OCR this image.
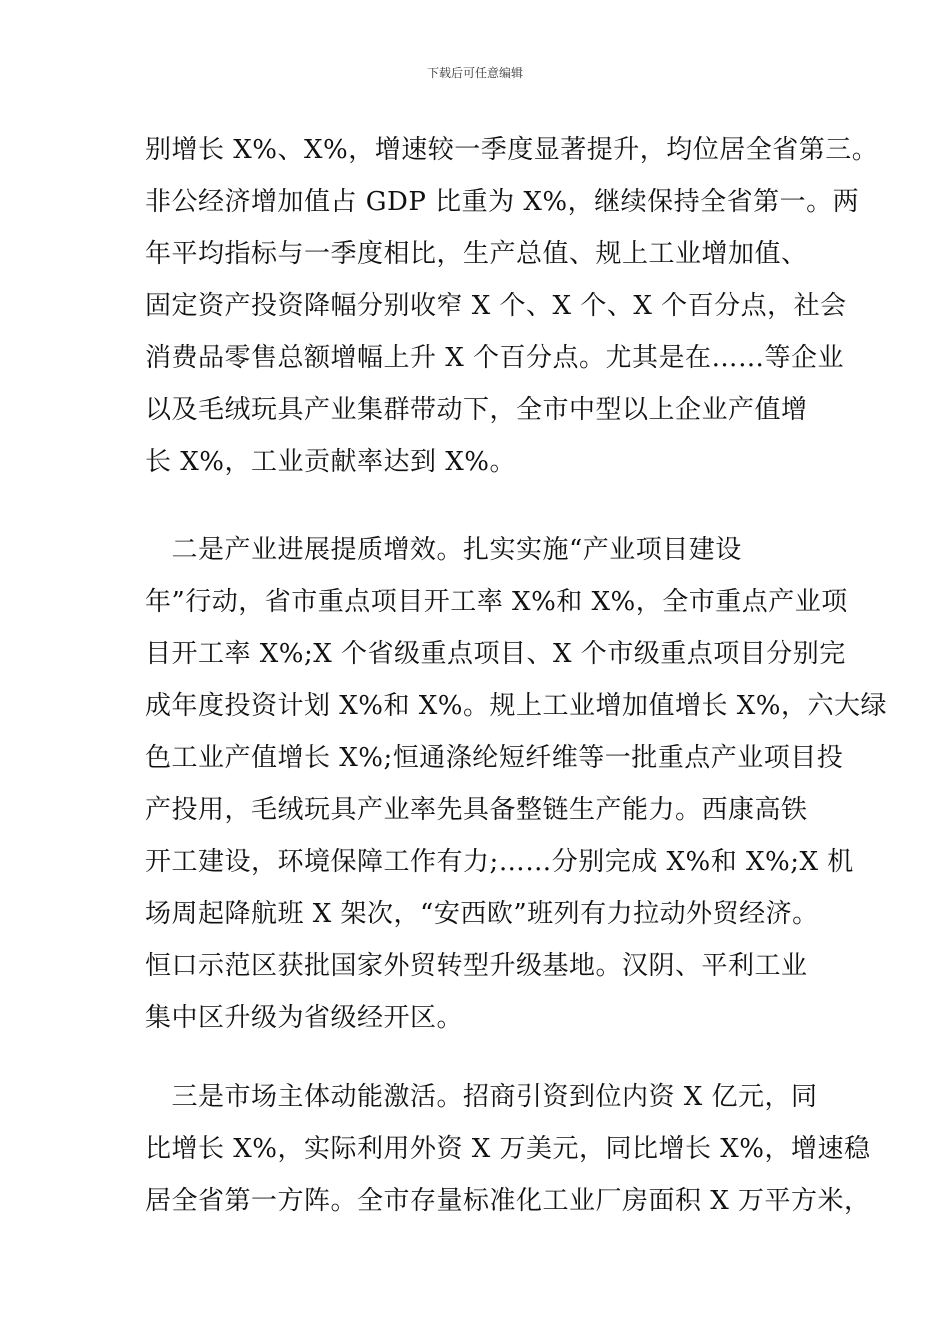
下载后可任意编辑
别增长 X%、X%，增速较一季度显著提升，均位居全省第三。
非公经济增加值占 GDP 比重为 X%，继续保持全省第一。两
年平均指标与一季度相比，生产总值、规上工业增加值、
固定资产投资降幅分别收窄 X 个、X 个、X 个百分点，社会
消费品零售总额增幅上升 X 个百分点。尤其是在……等企业
以及毛绒玩具产业集群带动下，全市中型以上企业产值增
长 X%，工业贡献率达到 X%。
　二是产业进展提质增效。扎实实施“产业项目建设
年”行动，省市重点项目开工率 X%和 X%，全市重点产业项
目开工率 X%;X 个省级重点项目、X 个市级重点项目分别完
成年度投资计划 X%和 X%。规上工业增加值增长 X%，六大绿
色工业产值增长 X%;恒通涤纶短纤维等一批重点产业项目投
产投用，毛绒玩具产业率先具备整链生产能力。西康高铁
开工建设，环境保障工作有力;……分别完成 X%和 X%;X 机
场周起降航班 X 架次，“安西欧”班列有力拉动外贸经济。
恒口示范区获批国家外贸转型升级基地。汉阴、平利工业
集中区升级为省级经开区。
　三是市场主体动能激活。招商引资到位内资 X 亿元，同
比增长 X%，实际利用外资 X 万美元，同比增长 X%，增速稳
居全省第一方阵。全市存量标准化工业厂房面积 X 万平方米，
